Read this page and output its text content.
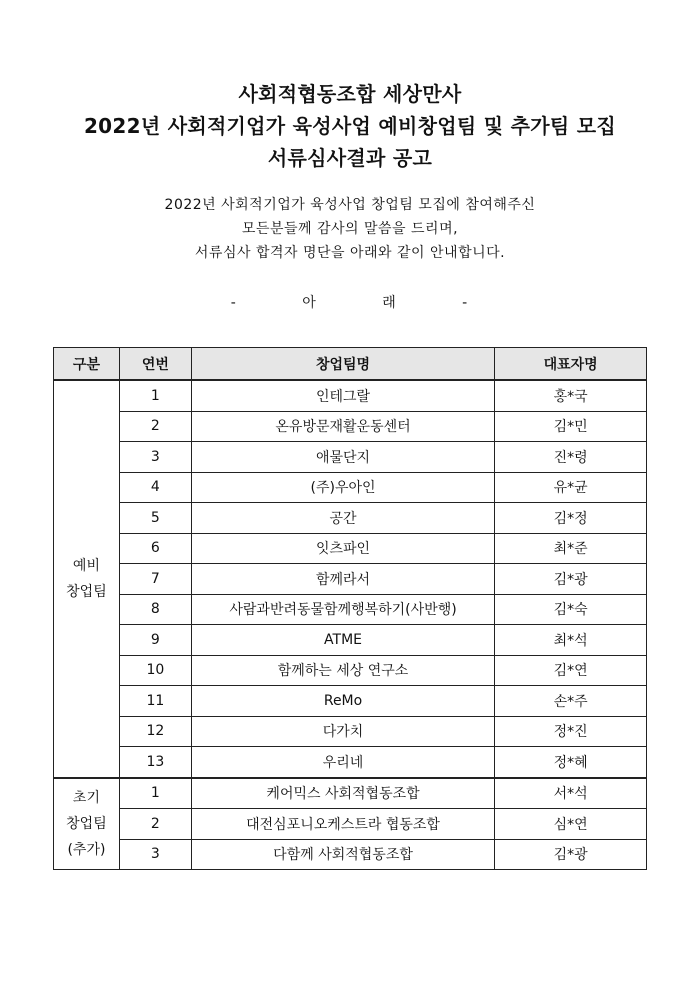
사회적협동조합 세상만사
2022년 사회적기업가 육성사업 예비창업팀 및 추가팀 모집
서류심사결과 공고
2022년 사회적기업가 육성사업 창업팀 모집에 참여해주신
모든분들께 감사의 말씀을 드리며,
서류심사 합격자 명단을 아래와 같이 안내합니다.
- 아 래 -
구분	연번	창업팀명	대표자명

예비
창업팀	1	인테그랄	홍*국
	2	온유방문재활운동센터	김*민
	3	애물단지	진*령
	4	(주)우아인	유*균
	5	공간	김*정
	6	잇츠파인	최*준
	7	함께라서	김*광
	8	사람과반려동물함께행복하기(사반행)	김*숙
	9	ATME	최*석
	10	함께하는 세상 연구소	김*연
	11	ReMo	손*주
	12	다가치	정*진
	13	우리네	정*혜

초기
창업팀
(추가)	1	케어믹스 사회적협동조합	서*석
	2	대전심포니오케스트라 협동조합	심*연
	3	다함께 사회적협동조합	김*광
